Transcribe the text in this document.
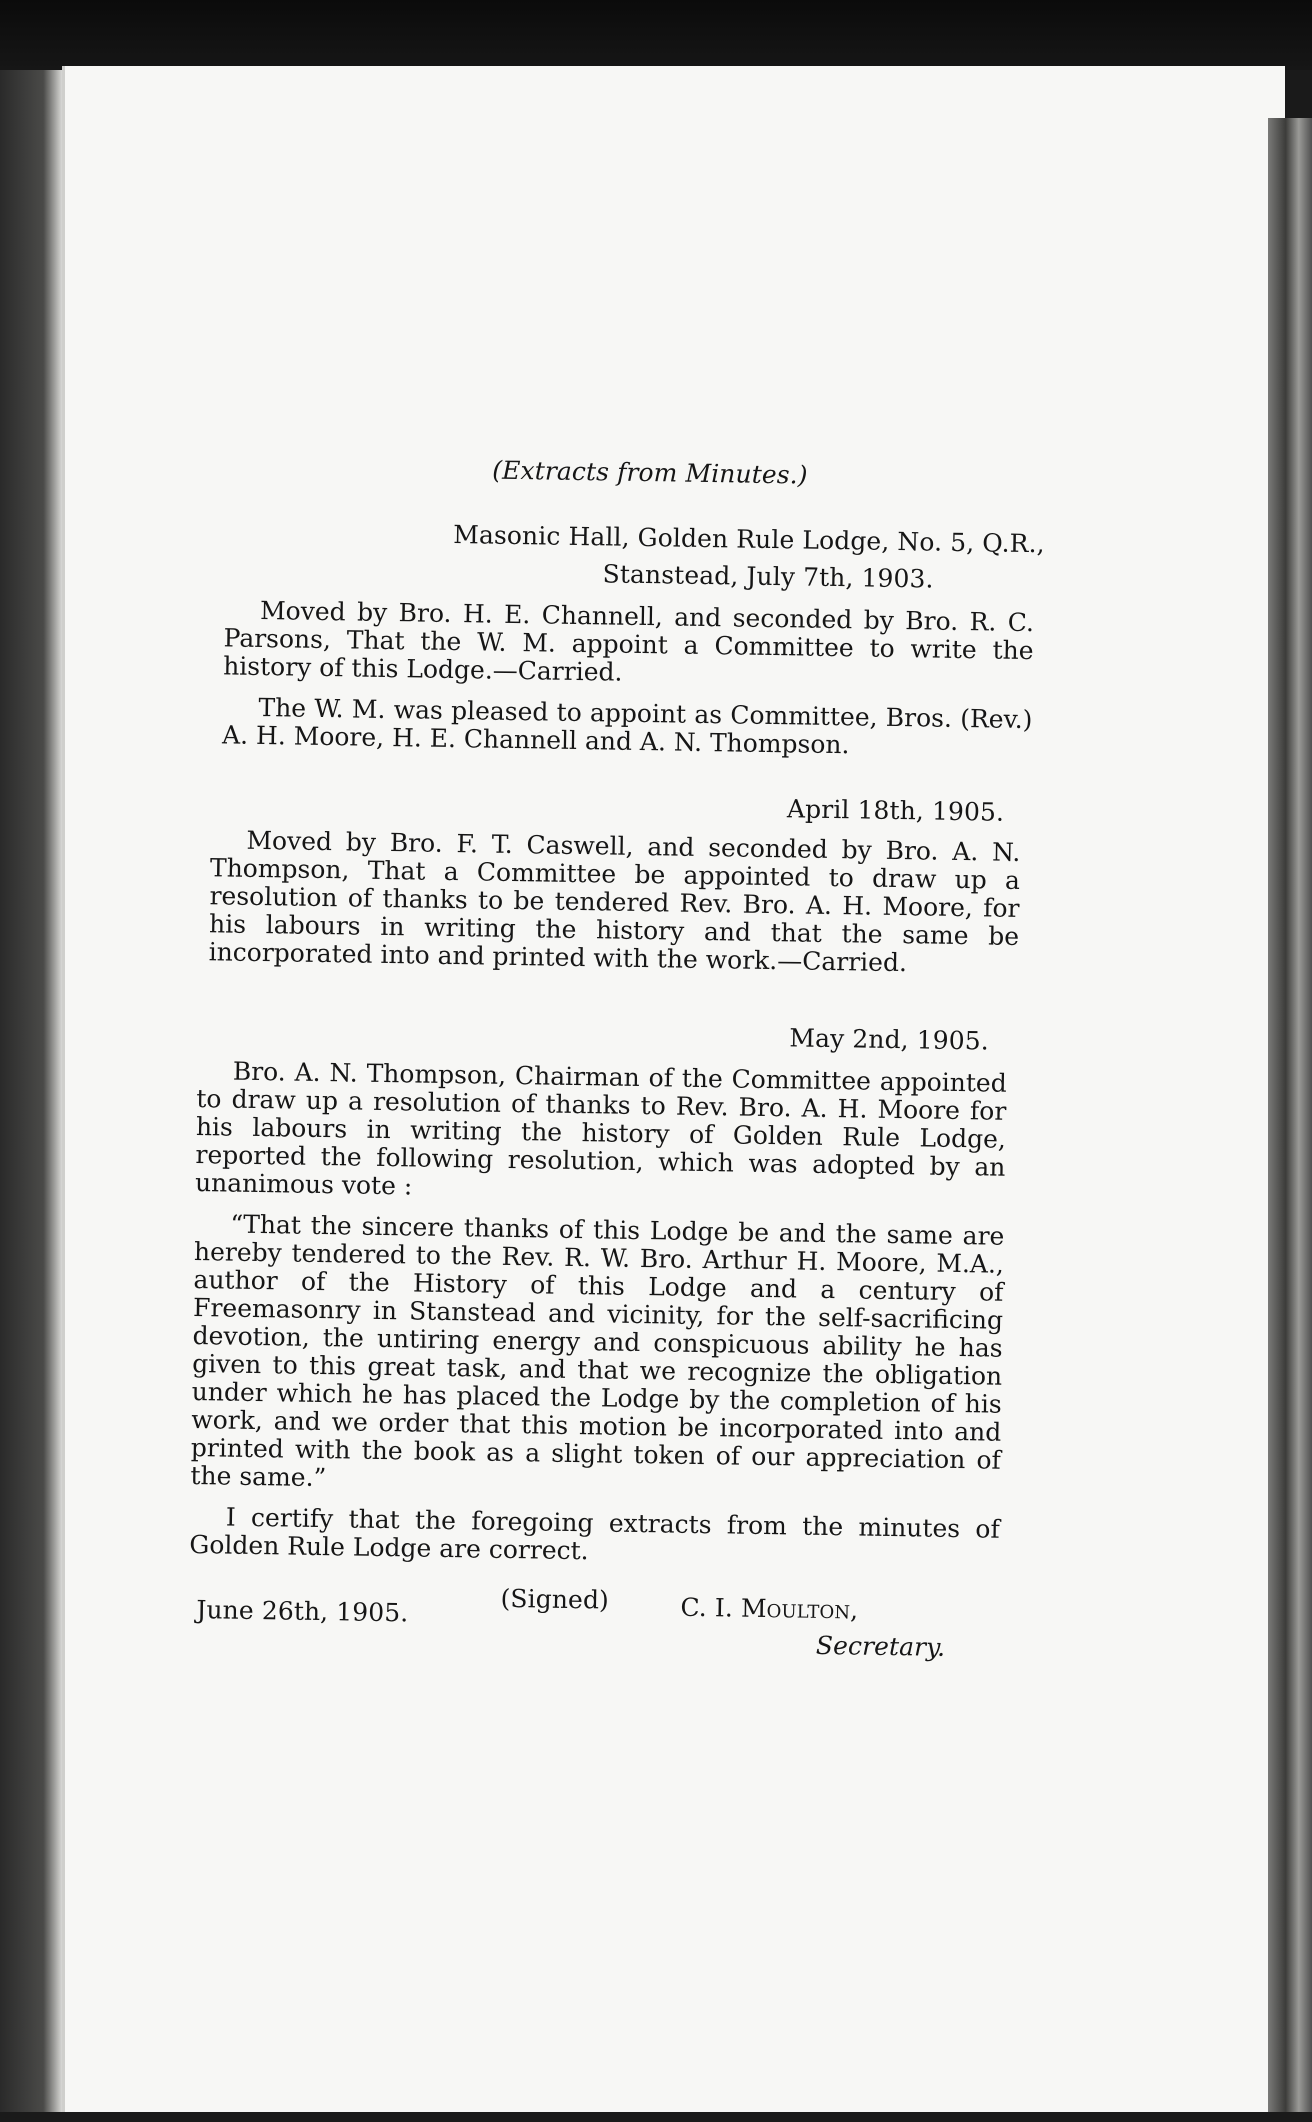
(Extracts from Minutes.)
Masonic Hall, Golden Rule Lodge, No. 5, Q.R.,
Stanstead, July 7th, 1903.

Moved by Bro. H. E. Channell, and seconded by Bro. R. C. Parsons, That the W. M. appoint a Committee to write the history of this Lodge.—Carried.

The W. M. was pleased to appoint as Committee, Bros. (Rev.) A. H. Moore, H. E. Channell and A. N. Thompson.

April 18th, 1905.

Moved by Bro. F. T. Caswell, and seconded by Bro. A. N. Thompson, That a Committee be appointed to draw up a resolution of thanks to be tendered Rev. Bro. A. H. Moore, for his labours in writing the history and that the same be incorporated into and printed with the work.—Carried.

May 2nd, 1905.

Bro. A. N. Thompson, Chairman of the Committee appointed to draw up a resolution of thanks to Rev. Bro. A. H. Moore for his labours in writing the history of Golden Rule Lodge, reported the following resolution, which was adopted by an unanimous vote :

“That the sincere thanks of this Lodge be and the same are hereby tendered to the Rev. R. W. Bro. Arthur H. Moore, M.A., author of the History of this Lodge and a century of Freemasonry in Stanstead and vicinity, for the self-sacrificing devotion, the untiring energy and conspicuous ability he has given to this great task, and that we recognize the obligation under which he has placed the Lodge by the completion of his work, and we order that this motion be incorporated into and printed with the book as a slight token of our appreciation of the same.”

I certify that the foregoing extracts from the minutes of Golden Rule Lodge are correct.

June 26th, 1905.	(Signed)	C. I. Moulton,
Secretary.
